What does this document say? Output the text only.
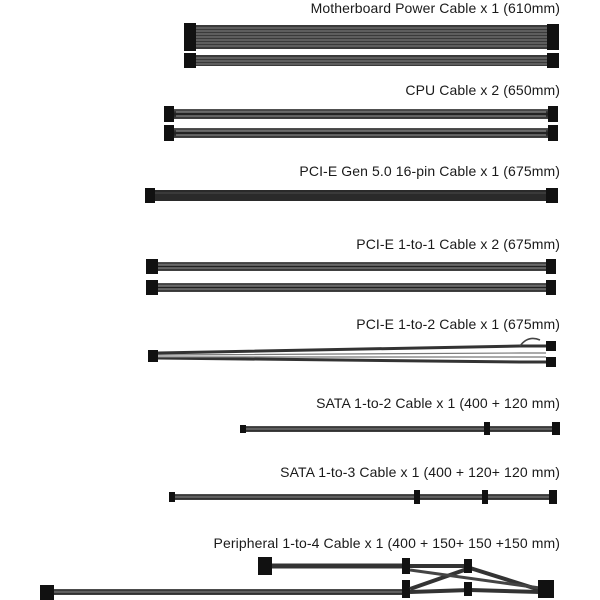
Motherboard Power Cable x 1 (610mm)
CPU Cable x 2 (650mm)
PCI-E Gen 5.0 16-pin Cable x 1 (675mm)
PCI-E 1-to-1 Cable x 2 (675mm)
PCI-E 1-to-2 Cable x 1 (675mm)
SATA 1-to-2 Cable x 1 (400 + 120 mm)
SATA 1-to-3 Cable x 1 (400 + 120+ 120 mm)
Peripheral 1-to-4 Cable x 1 (400 + 150+ 150 +150 mm)
